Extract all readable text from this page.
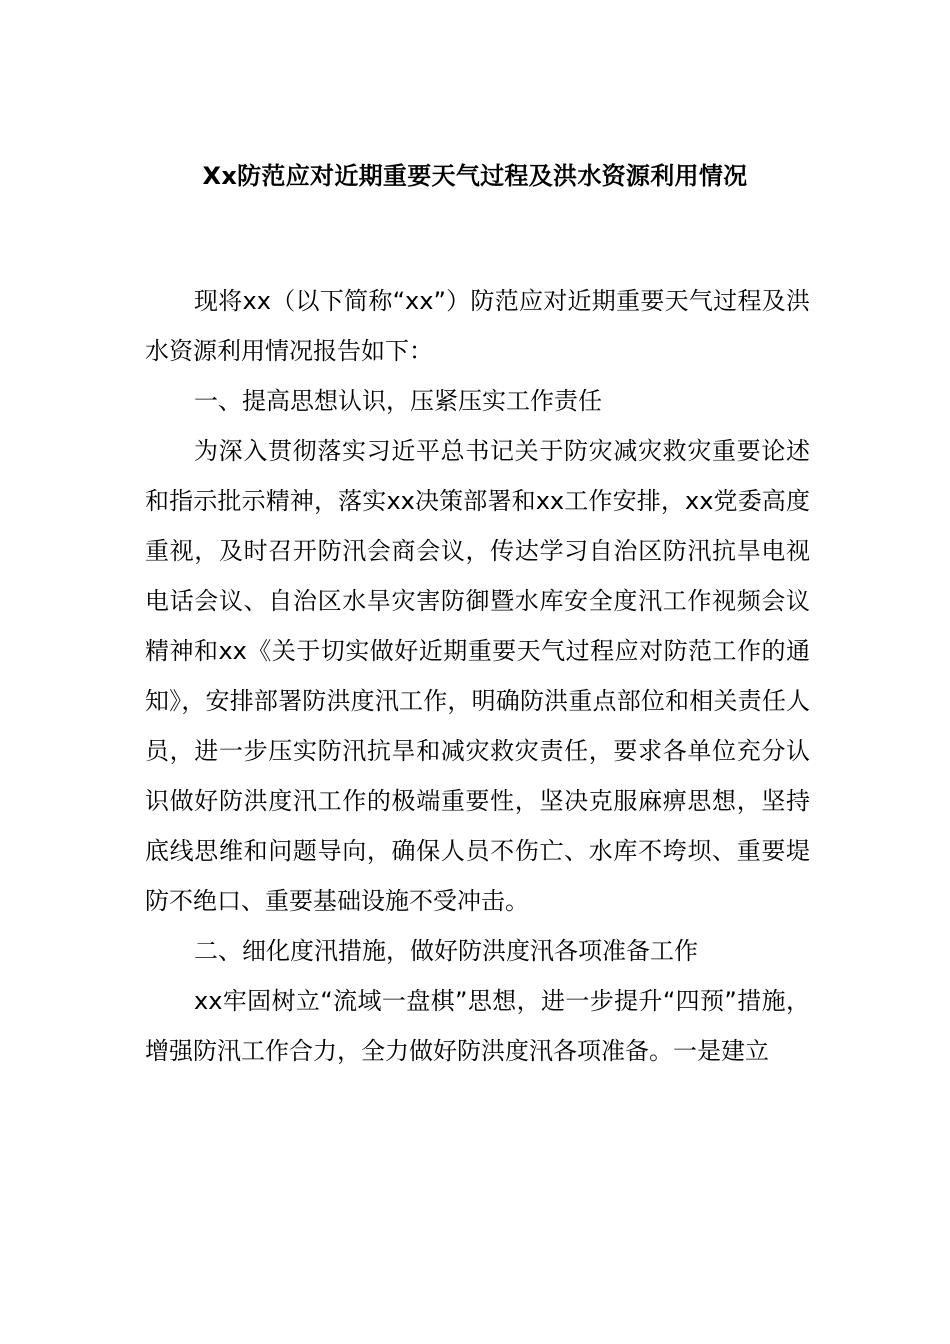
Xx防范应对近期重要天气过程及洪水资源利用情况

现将xx（以下简称“xx”）防范应对近期重要天气过程及洪水资源利用情况报告如下：

一、提高思想认识，压紧压实工作责任

为深入贯彻落实习近平总书记关于防灾减灾救灾重要论述和指示批示精神，落实xx决策部署和xx工作安排，xx党委高度重视，及时召开防汛会商会议，传达学习自治区防汛抗旱电视电话会议、自治区水旱灾害防御暨水库安全度汛工作视频会议精神和xx《关于切实做好近期重要天气过程应对防范工作的通知》，安排部署防洪度汛工作，明确防洪重点部位和相关责任人员，进一步压实防汛抗旱和减灾救灾责任，要求各单位充分认识做好防洪度汛工作的极端重要性，坚决克服麻痹思想，坚持底线思维和问题导向，确保人员不伤亡、水库不垮坝、重要堤防不绝口、重要基础设施不受冲击。

二、细化度汛措施，做好防洪度汛各项准备工作

xx牢固树立“流域一盘棋”思想，进一步提升“四预”措施，增强防汛工作合力，全力做好防洪度汛各项准备。一是建立
